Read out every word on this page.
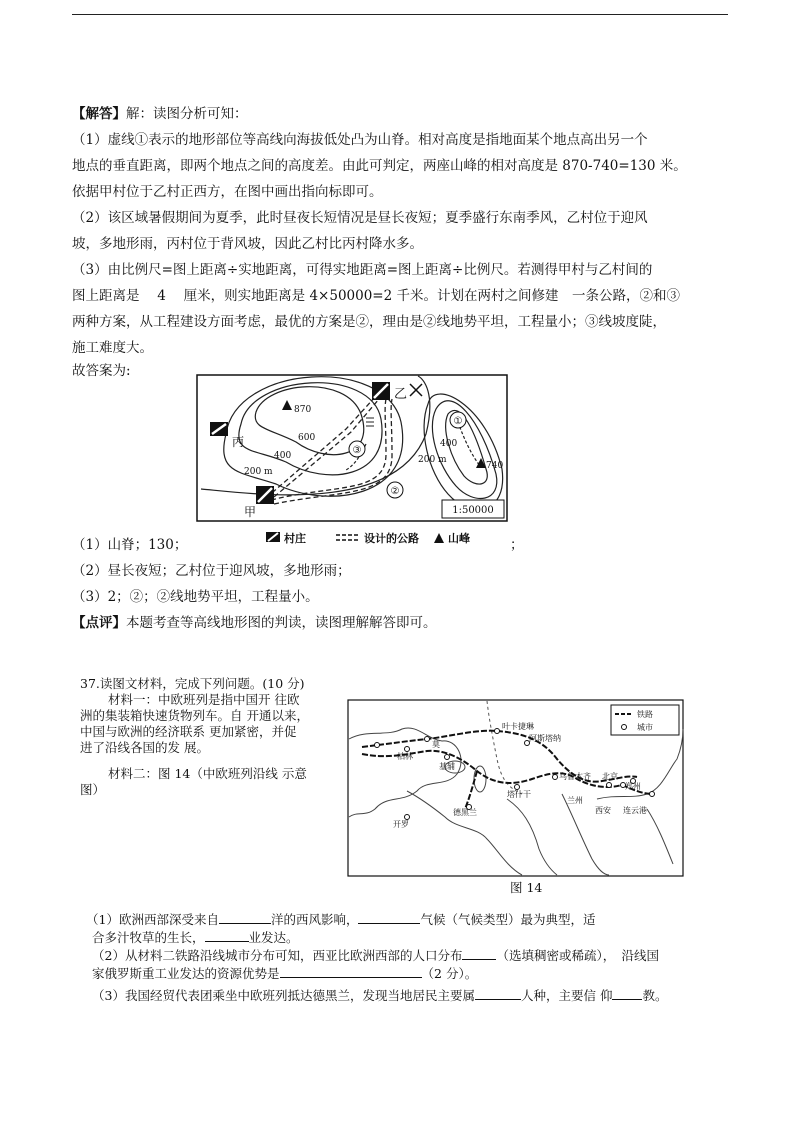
【解答】解：读图分析可知：
（1）虚线①表示的地形部位等高线向海拔低处凸为山脊。相对高度是指地面某个地点高出另一个
地点的垂直距离，即两个地点之间的高度差。由此可判定，两座山峰的相对高度是 870-740=130 米。
依据甲村位于乙村正西方，在图中画出指向标即可。
（2）该区域暑假期间为夏季，此时昼夜长短情况是昼长夜短；夏季盛行东南季风，乙村位于迎风
坡，多地形雨，丙村位于背风坡，因此乙村比丙村降水多。
（3）由比例尺=图上距离÷实地距离，可得实地距离=图上距离÷比例尺。若测得甲村与乙村间的
图上距离是　 4 　厘米，则实地距离是 4×50000=2 千米。计划在两村之间修建　一条公路，②和③
两种方案，从工程建设方面考虑，最优的方案是②，理由是②线地势平坦，工程量小；③线坡度陡，
施工难度大。
故答案为:
870
740
600
400
200 m
400
200 m
③
②
①
乙
丙
甲	1:50000
村庄	设计的公路	山峰
（1）山脊；130；	；
（2）昼长夜短；乙村位于迎风坡，多地形雨；
（3）2；②；②线地势平坦，工程量小。
【点评】本题考查等高线地形图的判读，读图理解解答即可。
37.读图文材料，完成下列问题。(10 分)
材料一：中欧班列是指中国开 往欧
洲的集装箱快速货物列车。自 开通以来，
中国与欧洲的经济联系 更加紧密，并促
进了沿线各国的发 展。
材料二：图 14（中欧班列沿线 示意
图）
铁路
城市
叶卡捷琳
阿斯塔纳
柏林
莫
基辅
塔什干
乌鲁木齐 北京
郑州
兰州
西安 连云港
德黑兰
开罗
图 14
（1）欧洲西部深受来自	洋的西风影响，	气候（气候类型）最为典型，适
合多汁牧草的生长，	业发达。
（2）从材料二铁路沿线城市分布可知，西亚比欧洲西部的人口分布	（选填稠密或稀疏），　沿线国
家俄罗斯重工业发达的资源优势是	（2 分）。
（3）我国经贸代表团乘坐中欧班列抵达德黑兰，发现当地居民主要属	人种，主要信 仰 教。
